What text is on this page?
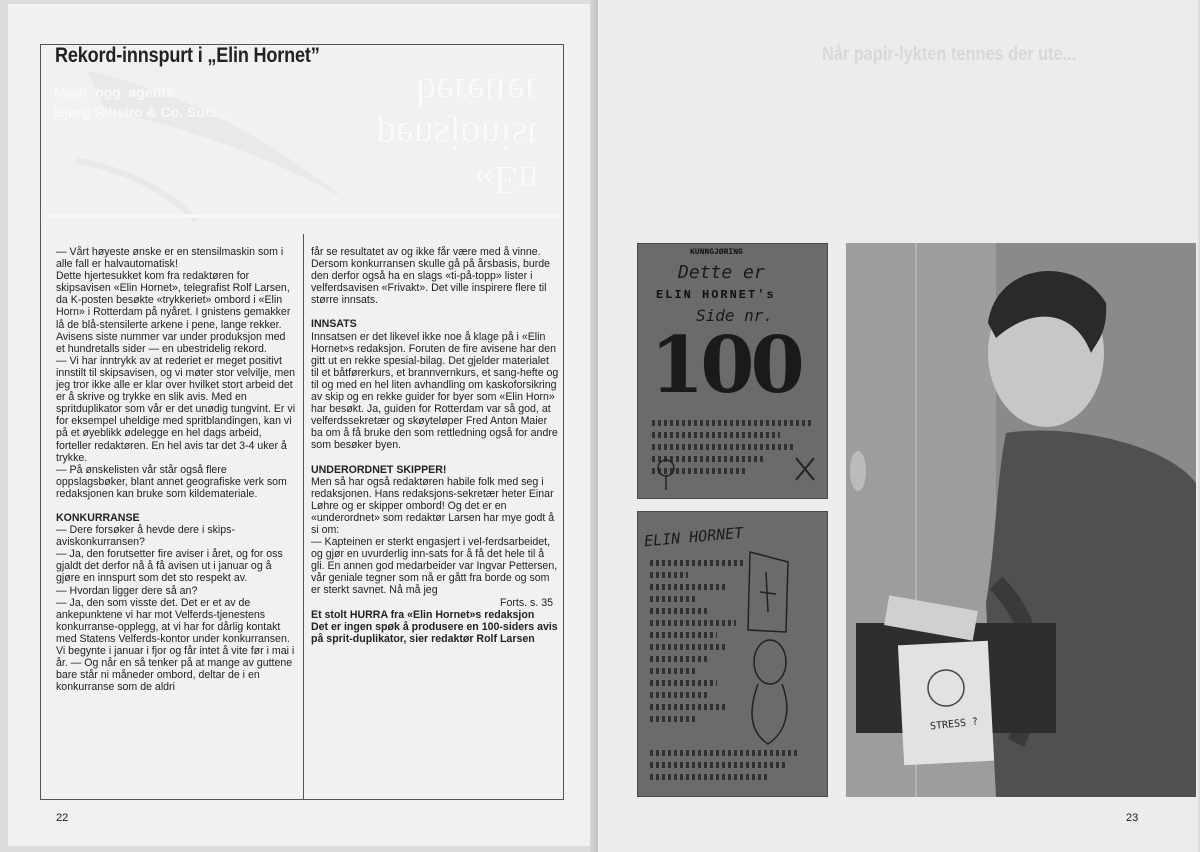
Møøt  ogg  agents:
Bjørg Ribeiro & Co. Sucr...
«En
pensjonist
beretter
Rekord-innspurt i „Elin Hornet”

— Vårt høyeste ønske er en stensilmaskin som i alle fall er halvautomatisk!

Dette hjertesukket kom fra redaktøren for skipsavisen «Elin Hornet», telegrafist Rolf Larsen, da K-posten besøkte «trykkeriet» ombord i «Elin Horn» i Rotterdam på nyåret. I gnistens gemakker lå de blå-stensilerte arkene i pene, lange rekker. Avisens siste nummer var under produksjon med et hundretalls sider — en ubestridelig rekord.

— Vi har inntrykk av at rederiet er meget positivt innstilt til skipsavisen, og vi møter stor velvilje, men jeg tror ikke alle er klar over hvilket stort arbeid det er å skrive og trykke en slik avis. Med en spritduplikator som vår er det unødig tungvint. Er vi for eksempel uheldige med spritblandingen, kan vi på et øyeblikk ødelegge en hel dags arbeid, forteller redaktøren. En hel avis tar det 3-4 uker å trykke.

— På ønskelisten vår står også flere oppslagsbøker, blant annet geografiske verk som redaksjonen kan bruke som kildemateriale.

KONKURRANSE

— Dere forsøker å hevde dere i skips-aviskonkurransen?

— Ja, den forutsetter fire aviser i året, og for oss gjaldt det derfor nå å få avisen ut i januar og å gjøre en innspurt som det sto respekt av.

— Hvordan ligger dere så an?

— Ja, den som visste det. Det er et av de ankepunktene vi har mot Velferds-tjenestens konkurranse-opplegg, at vi har for dårlig kontakt med Statens Velferds-kontor under konkurransen. Vi begynte i januar i fjor og får intet å vite før i mai i år. — Og når en så tenker på at mange av guttene bare står ni måneder ombord, deltar de i en konkurranse som de aldri

får se resultatet av og ikke får være med å vinne. Dersom konkurransen skulle gå på årsbasis, burde den derfor også ha en slags «ti-på-topp» lister i velferdsavisen «Frivakt». Det ville inspirere flere til større innsats.

INNSATS

Innsatsen er det likevel ikke noe å klage på i «Elin Hornet»s redaksjon. Foruten de fire avisene har den gitt ut en rekke spesial-bilag. Det gjelder materialet til et båtførerkurs, et brannvernkurs, et sang-hefte og til og med en hel liten avhandling om kaskoforsikring av skip og en rekke guider for byer som «Elin Horn» har besøkt. Ja, guiden for Rotterdam var så god, at velferdssekretær og skøyteløper Fred Anton Maier ba om å få bruke den som rettledning også for andre som besøker byen.

UNDERORDNET SKIPPER!

Men så har også redaktøren habile folk med seg i redaksjonen. Hans redaksjons-sekretær heter Einar Løhre og er skipper ombord! Og det er en «underordnet» som redaktør Larsen har mye godt å si om:

— Kapteinen er sterkt engasjert i vel-ferdsarbeidet, og gjør en uvurderlig inn-sats for å få det hele til å gli. En annen god medarbeider var Ingvar Pettersen, vår geniale tegner som nå er gått fra borde og som er sterkt savnet. Nå må jeg

Forts. s. 35

Et stolt HURRA fra «Elin Hornet»s redaksjon

Det er ingen spøk å produsere en 100-siders avis på sprit-duplikator, sier redaktør Rolf Larsen

22
Når papir-lykten tennes der ute...
KUNNGJØRING
Dette er
ELIN HORNET's
Side nr.
100
ELIN HORNET
STRESS ?
23
